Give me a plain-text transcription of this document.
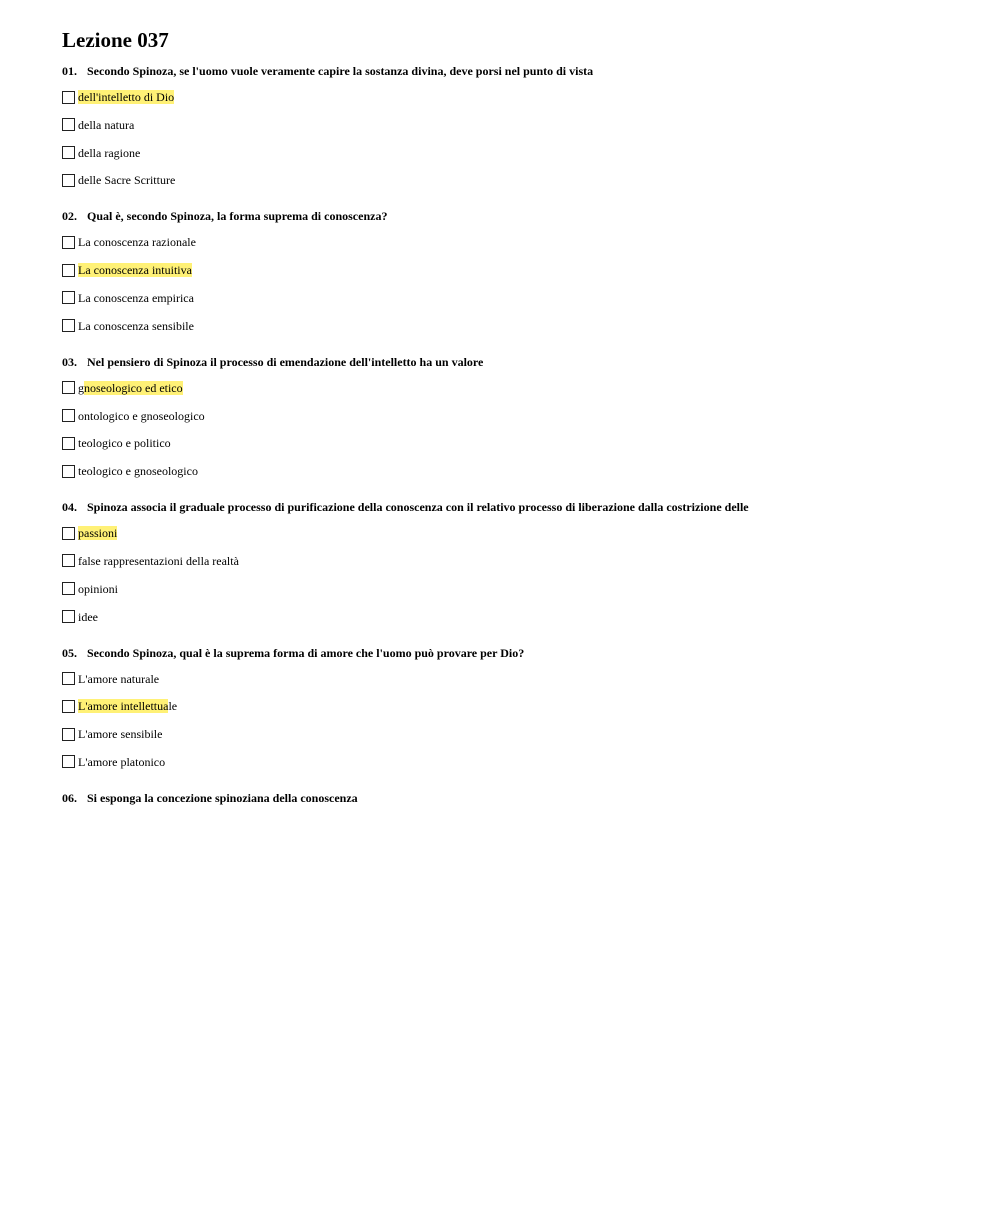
Lezione 037
01. Secondo Spinoza, se l'uomo vuole veramente capire la sostanza divina, deve porsi nel punto di vista
dell'intelletto di Dio
della natura
della ragione
delle Sacre Scritture
02. Qual è, secondo Spinoza, la forma suprema di conoscenza?
La conoscenza razionale
La conoscenza intuitiva
La conoscenza empirica
La conoscenza sensibile
03. Nel pensiero di Spinoza il processo di emendazione dell'intelletto ha un valore
gnoseologico ed etico
ontologico e gnoseologico
teologico e politico
teologico e gnoseologico
04. Spinoza associa il graduale processo di purificazione della conoscenza con il relativo processo di liberazione dalla costrizione delle
passioni
false rappresentazioni della realtà
opinioni
idee
05. Secondo Spinoza, qual è la suprema forma di amore che l'uomo può provare per Dio?
L'amore naturale
L'amore intellettuale
L'amore sensibile
L'amore platonico
06. Si esponga la concezione spinoziana della conoscenza
